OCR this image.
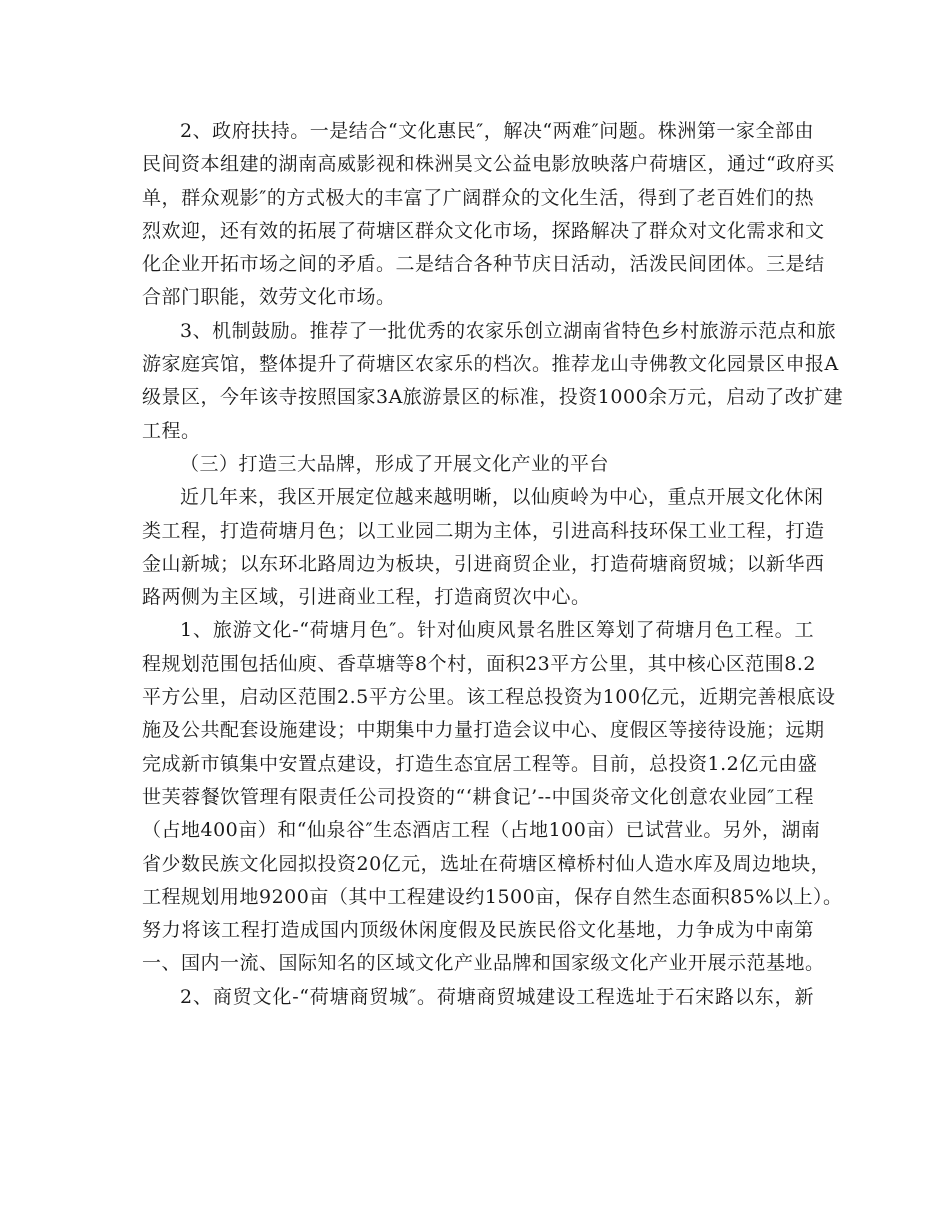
2、政府扶持。一是结合“文化惠民″，解决“两难″问题。株洲第一家全部由
民间资本组建的湖南高威影视和株洲昊文公益电影放映落户荷塘区，通过“政府买
单，群众观影″的方式极大的丰富了广阔群众的文化生活，得到了老百姓们的热
烈欢迎，还有效的拓展了荷塘区群众文化市场，探路解决了群众对文化需求和文
化企业开拓市场之间的矛盾。二是结合各种节庆日活动，活泼民间团体。三是结
合部门职能，效劳文化市场。

3、机制鼓励。推荐了一批优秀的农家乐创立湖南省特色乡村旅游示范点和旅
游家庭宾馆，整体提升了荷塘区农家乐的档次。推荐龙山寺佛教文化园景区申报A
级景区，今年该寺按照国家3A旅游景区的标准，投资1000余万元，启动了改扩建
工程。

（三）打造三大品牌，形成了开展文化产业的平台

近几年来，我区开展定位越来越明晰，以仙庾岭为中心，重点开展文化休闲
类工程，打造荷塘月色；以工业园二期为主体，引进高科技环保工业工程，打造
金山新城；以东环北路周边为板块，引进商贸企业，打造荷塘商贸城；以新华西
路两侧为主区域，引进商业工程，打造商贸次中心。

1、旅游文化-“荷塘月色″。针对仙庾风景名胜区筹划了荷塘月色工程。工
程规划范围包括仙庾、香草塘等8个村，面积23平方公里，其中核心区范围8.2
平方公里，启动区范围2.5平方公里。该工程总投资为100亿元，近期完善根底设
施及公共配套设施建设；中期集中力量打造会议中心、度假区等接待设施；远期
完成新市镇集中安置点建设，打造生态宜居工程等。目前，总投资1.2亿元由盛
世芙蓉餐饮管理有限责任公司投资的“‘耕食记’--中国炎帝文化创意农业园″工程
（占地400亩）和“仙泉谷″生态酒店工程（占地100亩）已试营业。另外，湖南
省少数民族文化园拟投资20亿元，选址在荷塘区樟桥村仙人造水库及周边地块，
工程规划用地9200亩（其中工程建设约1500亩，保存自然生态面积85%以上）。
努力将该工程打造成国内顶级休闲度假及民族民俗文化基地，力争成为中南第
一、国内一流、国际知名的区域文化产业品牌和国家级文化产业开展示范基地。

2、商贸文化-“荷塘商贸城″。荷塘商贸城建设工程选址于石宋路以东，新
